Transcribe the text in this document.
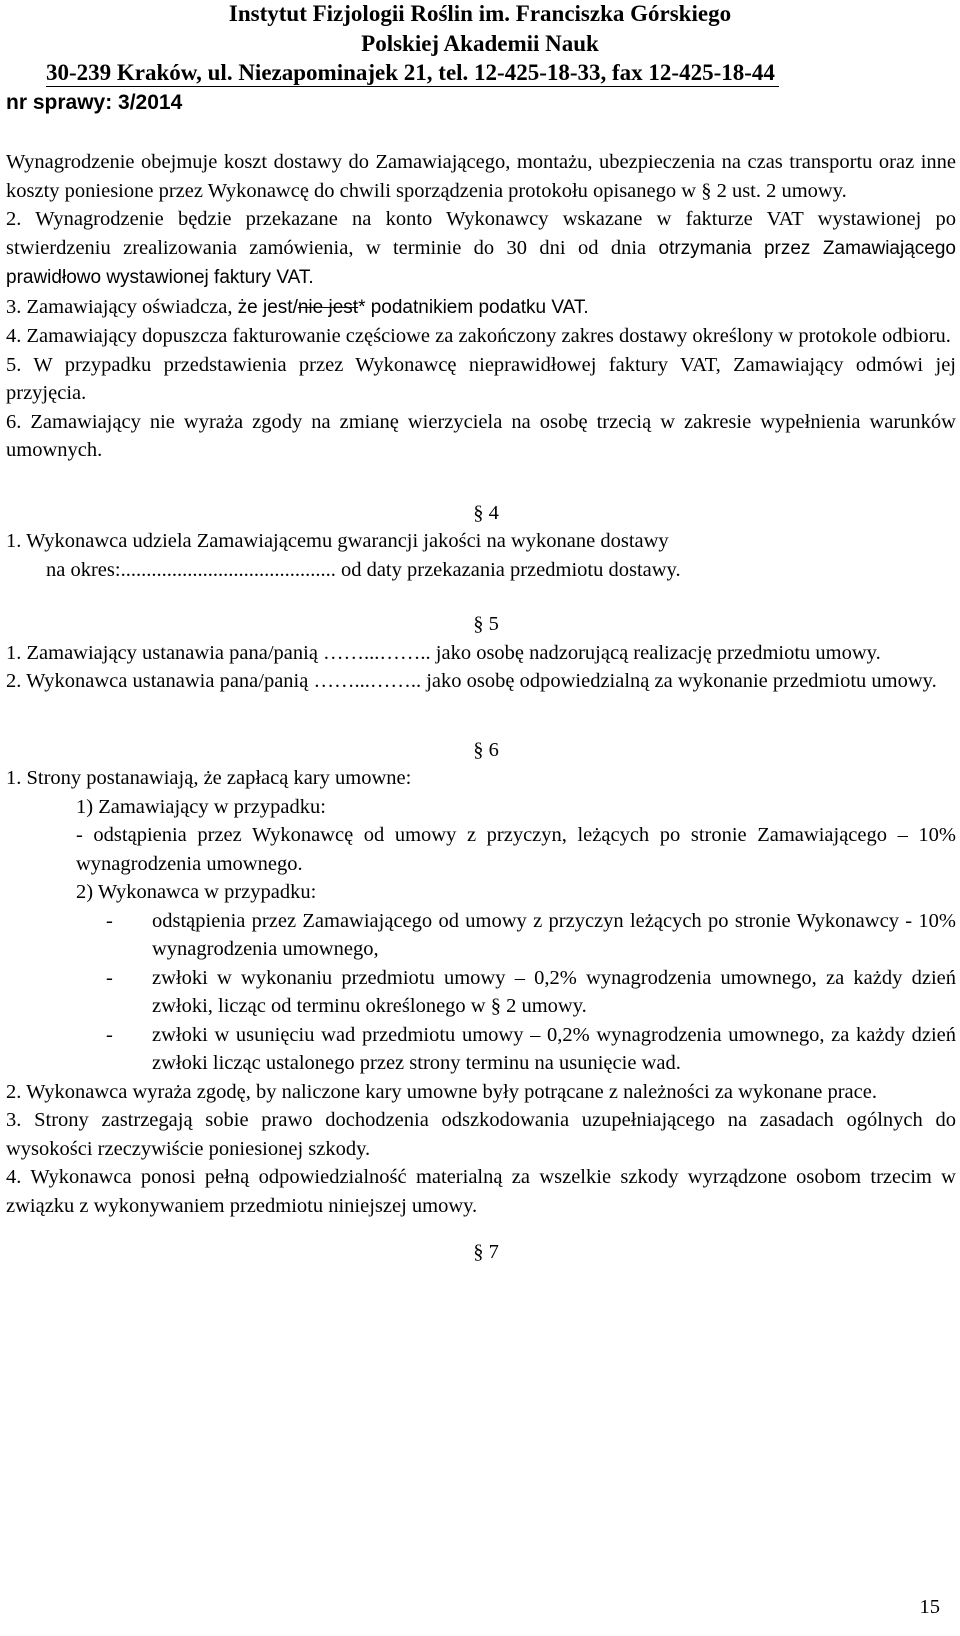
Instytut Fizjologii Roślin im. Franciszka Górskiego
Polskiej Akademii Nauk
30-239 Kraków, ul. Niezapominajek 21, tel. 12-425-18-33, fax 12-425-18-44
nr sprawy: 3/2014

Wynagrodzenie obejmuje koszt dostawy do Zamawiającego, montażu, ubezpieczenia na czas transportu oraz inne koszty poniesione przez Wykonawcę do chwili sporządzenia protokołu opisanego w § 2 ust. 2 umowy.

2. Wynagrodzenie będzie przekazane na konto Wykonawcy wskazane w fakturze VAT wystawionej po stwierdzeniu zrealizowania zamówienia, w terminie do 30 dni od dnia otrzymania przez Zamawiającego prawidłowo wystawionej faktury VAT.

3. Zamawiający oświadcza, że jest/nie jest* podatnikiem podatku VAT.

4. Zamawiający dopuszcza fakturowanie częściowe za zakończony zakres dostawy określony w protokole odbioru.

5. W przypadku przedstawienia przez Wykonawcę nieprawidłowej faktury VAT, Zamawiający odmówi jej przyjęcia.

6. Zamawiający nie wyraża zgody na zmianę wierzyciela na osobę trzecią w zakresie wypełnienia warunków umownych.

§ 4

1. Wykonawca udziela Zamawiającemu gwarancji jakości na wykonane dostawy

na okres:.......................................... od daty przekazania przedmiotu dostawy.

§ 5

1. Zamawiający ustanawia pana/panią ……...…….. jako osobę nadzorującą realizację przedmiotu umowy.

2. Wykonawca ustanawia pana/panią ……...…….. jako osobę odpowiedzialną za wykonanie przedmiotu umowy.

§ 6

1. Strony postanawiają, że zapłacą kary umowne:

1) Zamawiający w przypadku:

- odstąpienia przez Wykonawcę od umowy z przyczyn, leżących po stronie Zamawiającego – 10% wynagrodzenia umownego.

2) Wykonawca w przypadku:

-	odstąpienia przez Zamawiającego od umowy z przyczyn leżących po stronie Wykonawcy - 10% wynagrodzenia umownego,
-	zwłoki w wykonaniu przedmiotu umowy – 0,2% wynagrodzenia umownego, za każdy dzień zwłoki, licząc od terminu określonego w § 2 umowy.
-	zwłoki w usunięciu wad przedmiotu umowy – 0,2% wynagrodzenia umownego, za każdy dzień zwłoki licząc ustalonego przez strony terminu na usunięcie wad.

2. Wykonawca wyraża zgodę, by naliczone kary umowne były potrącane z należności za wykonane prace.

3. Strony zastrzegają sobie prawo dochodzenia odszkodowania uzupełniającego na zasadach ogólnych do wysokości rzeczywiście poniesionej szkody.

4. Wykonawca ponosi pełną odpowiedzialność materialną za wszelkie szkody wyrządzone osobom trzecim w związku z wykonywaniem przedmiotu niniejszej umowy.

§ 7

15
